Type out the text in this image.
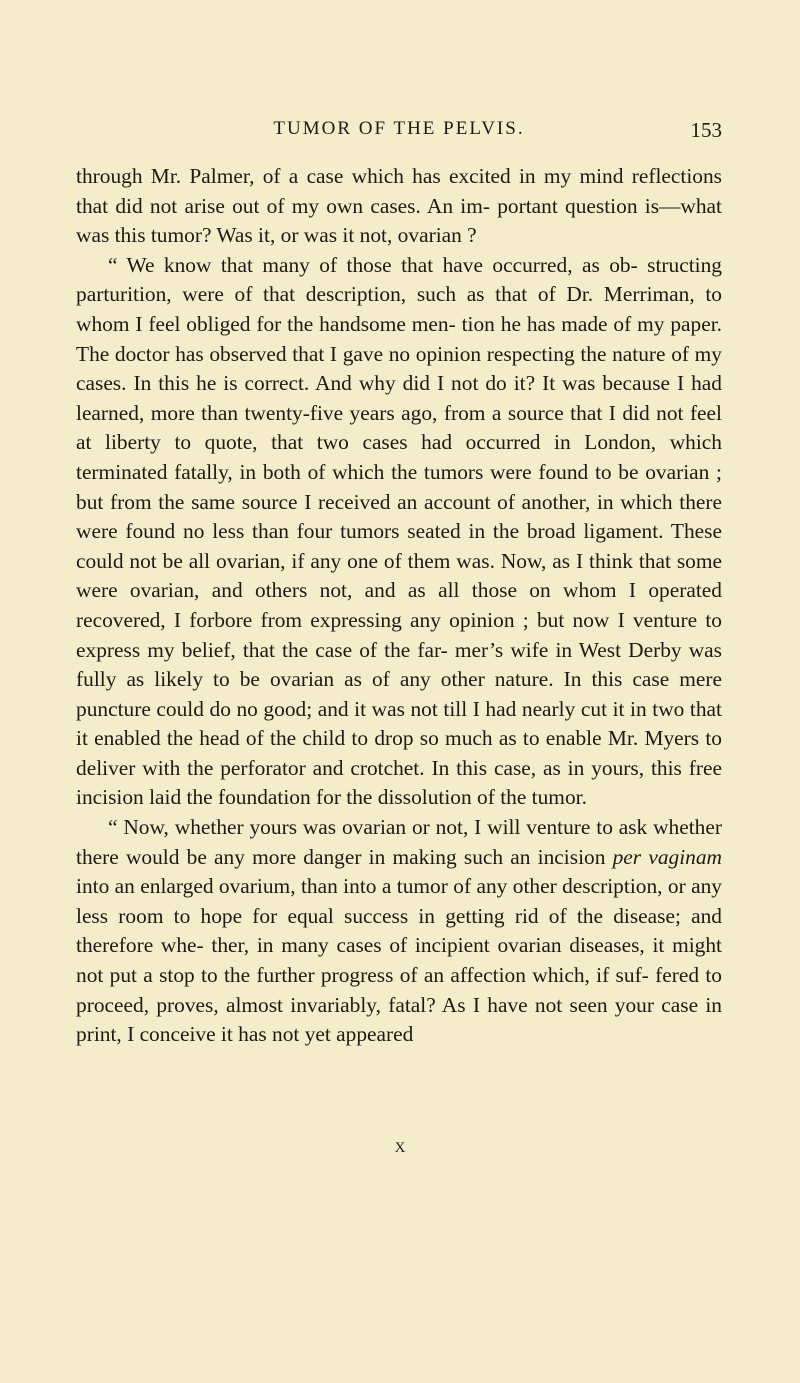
TUMOR OF THE PELVIS.	153

through Mr. Palmer, of a case which has excited in my mind reflections that did not arise out of my own cases. An im- portant question is—what was this tumor? Was it, or was it not, ovarian ?

“ We know that many of those that have occurred, as ob- structing parturition, were of that description, such as that of Dr. Merriman, to whom I feel obliged for the handsome men- tion he has made of my paper. The doctor has observed that I gave no opinion respecting the nature of my cases. In this he is correct. And why did I not do it? It was because I had learned, more than twenty-five years ago, from a source that I did not feel at liberty to quote, that two cases had occurred in London, which terminated fatally, in both of which the tumors were found to be ovarian ; but from the same source I received an account of another, in which there were found no less than four tumors seated in the broad ligament. These could not be all ovarian, if any one of them was. Now, as I think that some were ovarian, and others not, and as all those on whom I operated recovered, I forbore from expressing any opinion ; but now I venture to express my belief, that the case of the far- mer’s wife in West Derby was fully as likely to be ovarian as of any other nature. In this case mere puncture could do no good; and it was not till I had nearly cut it in two that it enabled the head of the child to drop so much as to enable Mr. Myers to deliver with the perforator and crotchet. In this case, as in yours, this free incision laid the foundation for the dissolution of the tumor.

“ Now, whether yours was ovarian or not, I will venture to ask whether there would be any more danger in making such an incision per vaginam into an enlarged ovarium, than into a tumor of any other description, or any less room to hope for equal success in getting rid of the disease; and therefore whe- ther, in many cases of incipient ovarian diseases, it might not put a stop to the further progress of an affection which, if suf- fered to proceed, proves, almost invariably, fatal? As I have not seen your case in print, I conceive it has not yet appeared

X
